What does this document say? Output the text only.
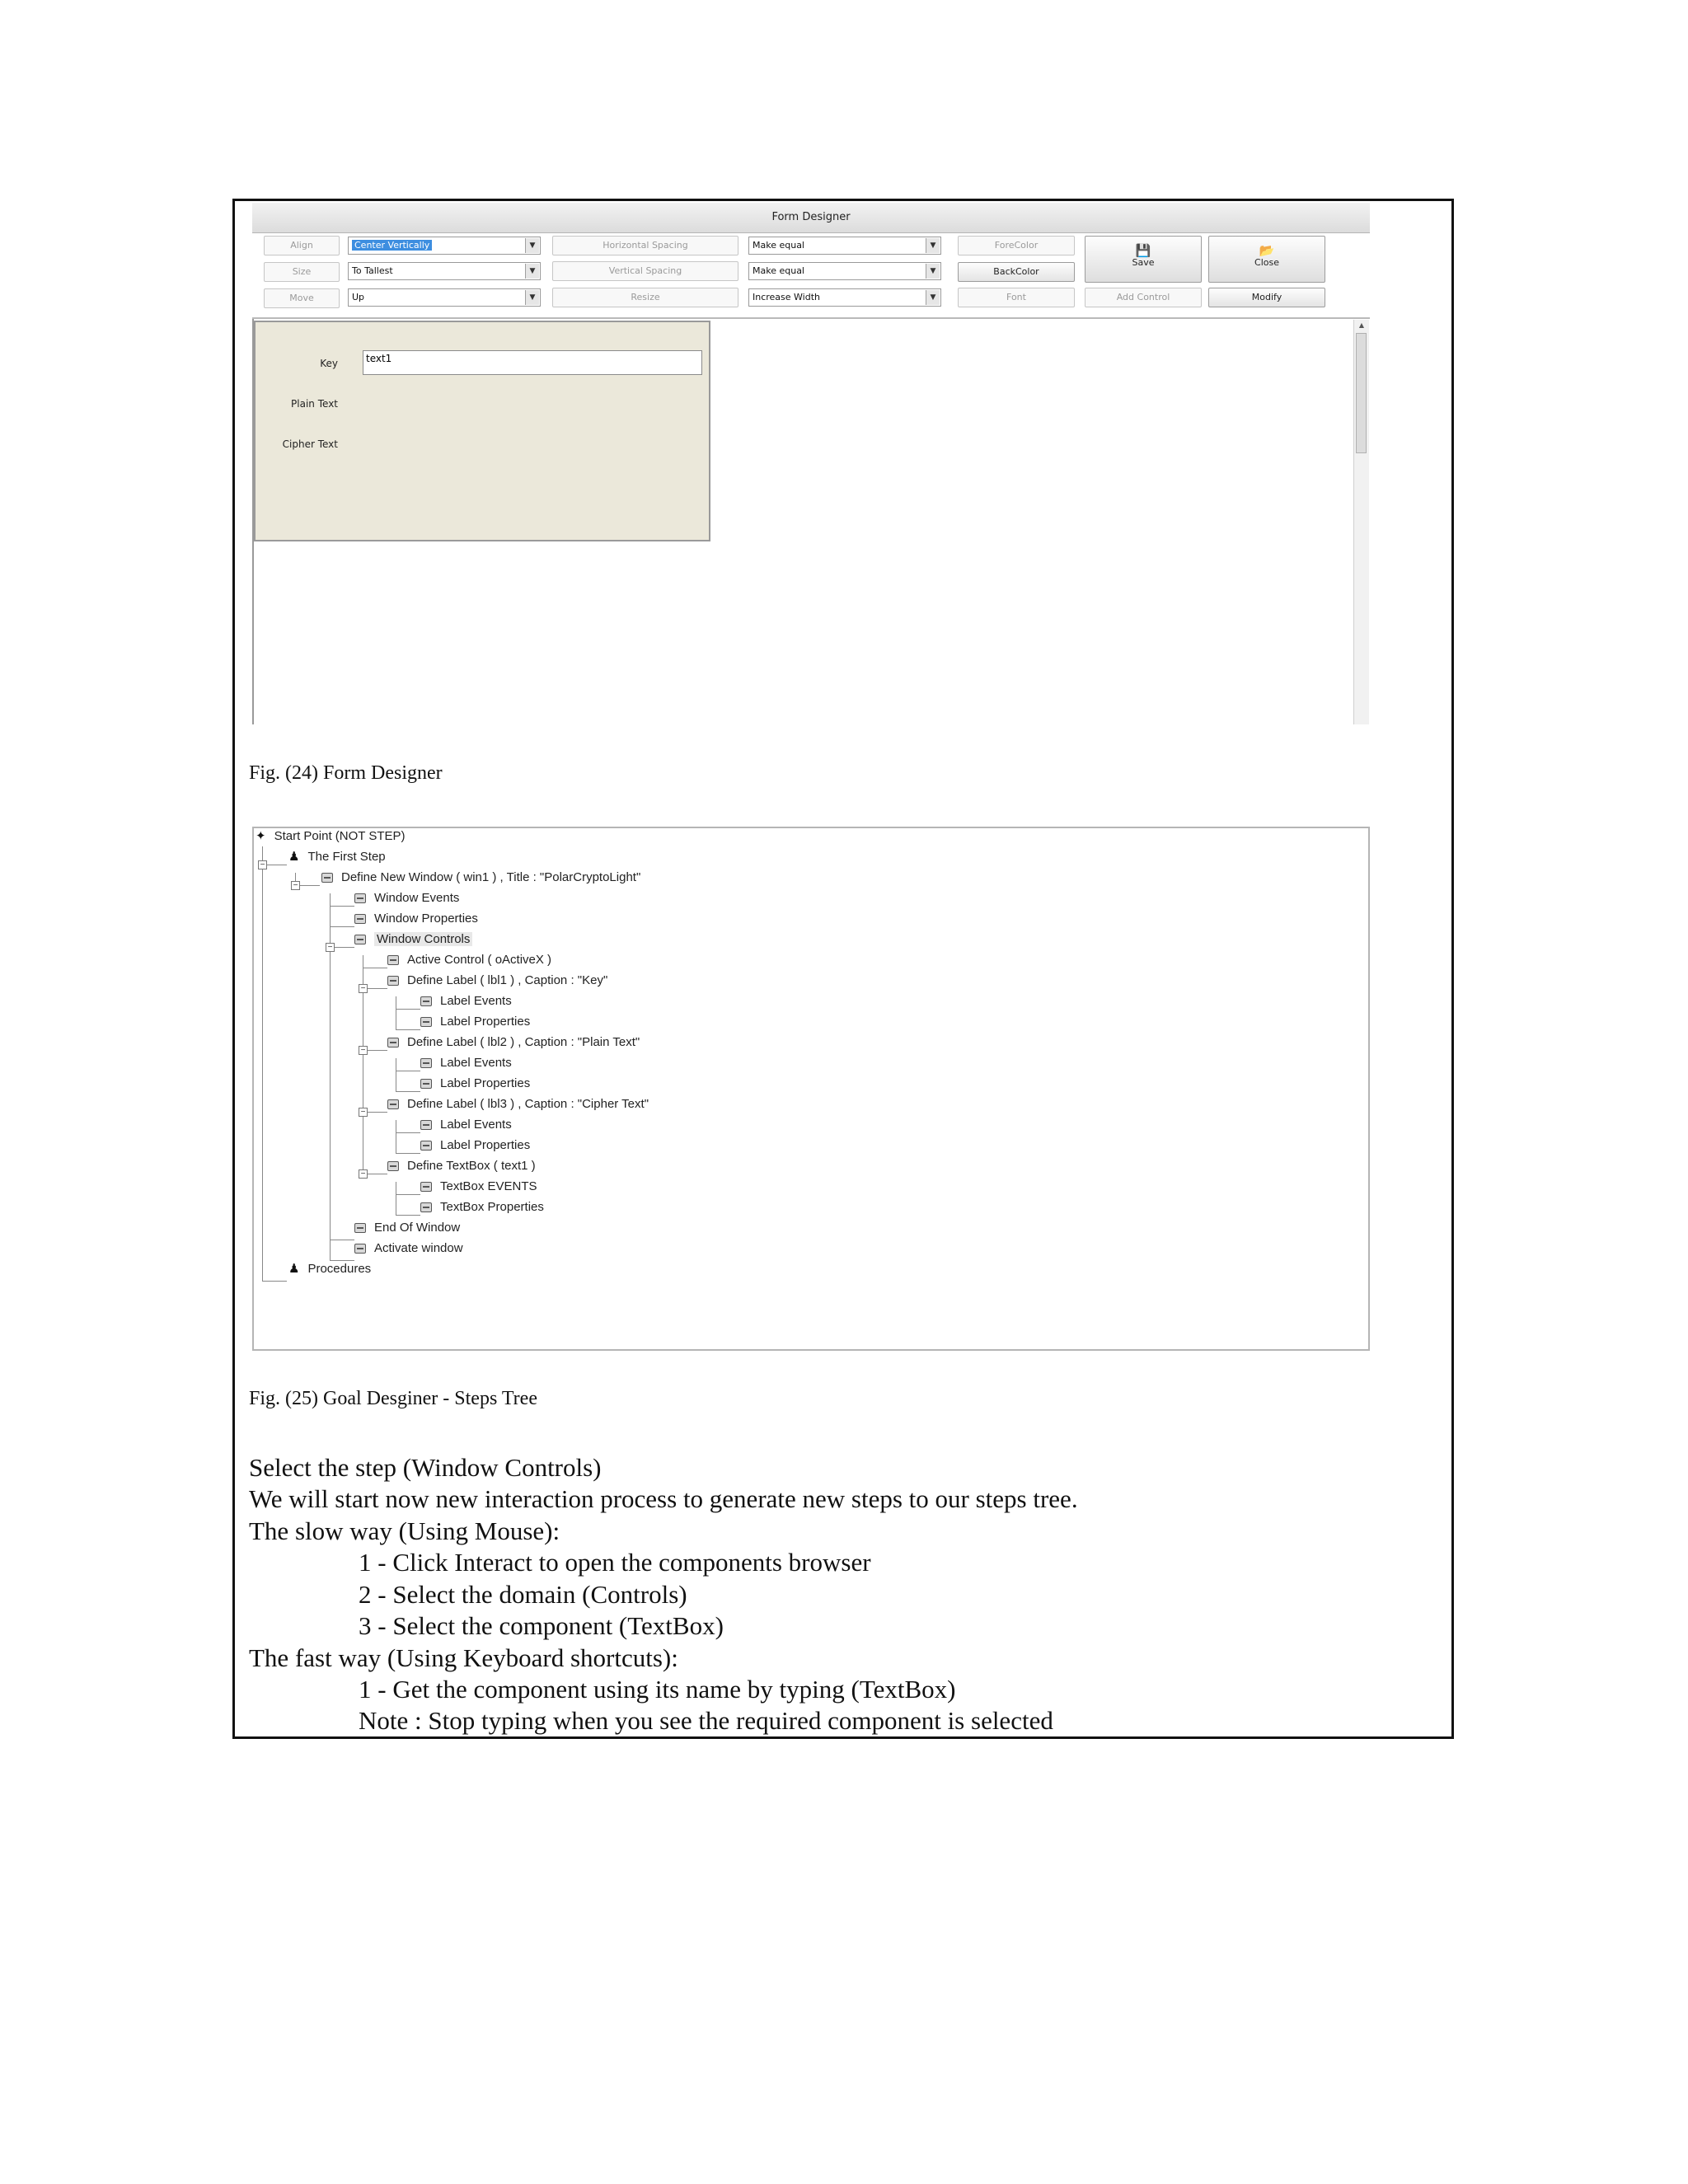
Form Designer
Align	Center Vertically	▼	Horizontal Spacing	Make equal	▼	ForeColor
Size	To Tallest	▼	Vertical Spacing	Make equal	▼	BackColor
💾
Save
📂
Close
Move	Up	▼	Resize	Increase Width	▼	Font	Add Control	Modify
Key	text1
Plain Text
Cipher Text
▲
Fig. (24) Form Designer
−
−
−
−
−
−
−
✦ Start Point (NOT STEP)
♟ The First Step
Define New Window ( win1 ) , Title : "PolarCryptoLight"
Window Events
Window Properties
Window Controls
Active Control ( oActiveX )
Define Label ( lbl1 ) , Caption : "Key"
Label Events
Label Properties
Define Label ( lbl2 ) , Caption : "Plain Text"
Label Events
Label Properties
Define Label ( lbl3 ) , Caption : "Cipher Text"
Label Events
Label Properties
Define TextBox ( text1 )
TextBox EVENTS
TextBox Properties
End Of Window
Activate window
♟ Procedures
Fig. (25) Goal Desginer - Steps Tree
Select the step (Window Controls)
We will start now new interaction process to generate new steps to our steps tree.
The slow way (Using Mouse):
1 - Click Interact to open the components browser
2 - Select the domain (Controls)
3 - Select the component (TextBox)
The fast way (Using Keyboard shortcuts):
1 - Get the component using its name by typing (TextBox)
Note : Stop typing when you see the required component is selected
